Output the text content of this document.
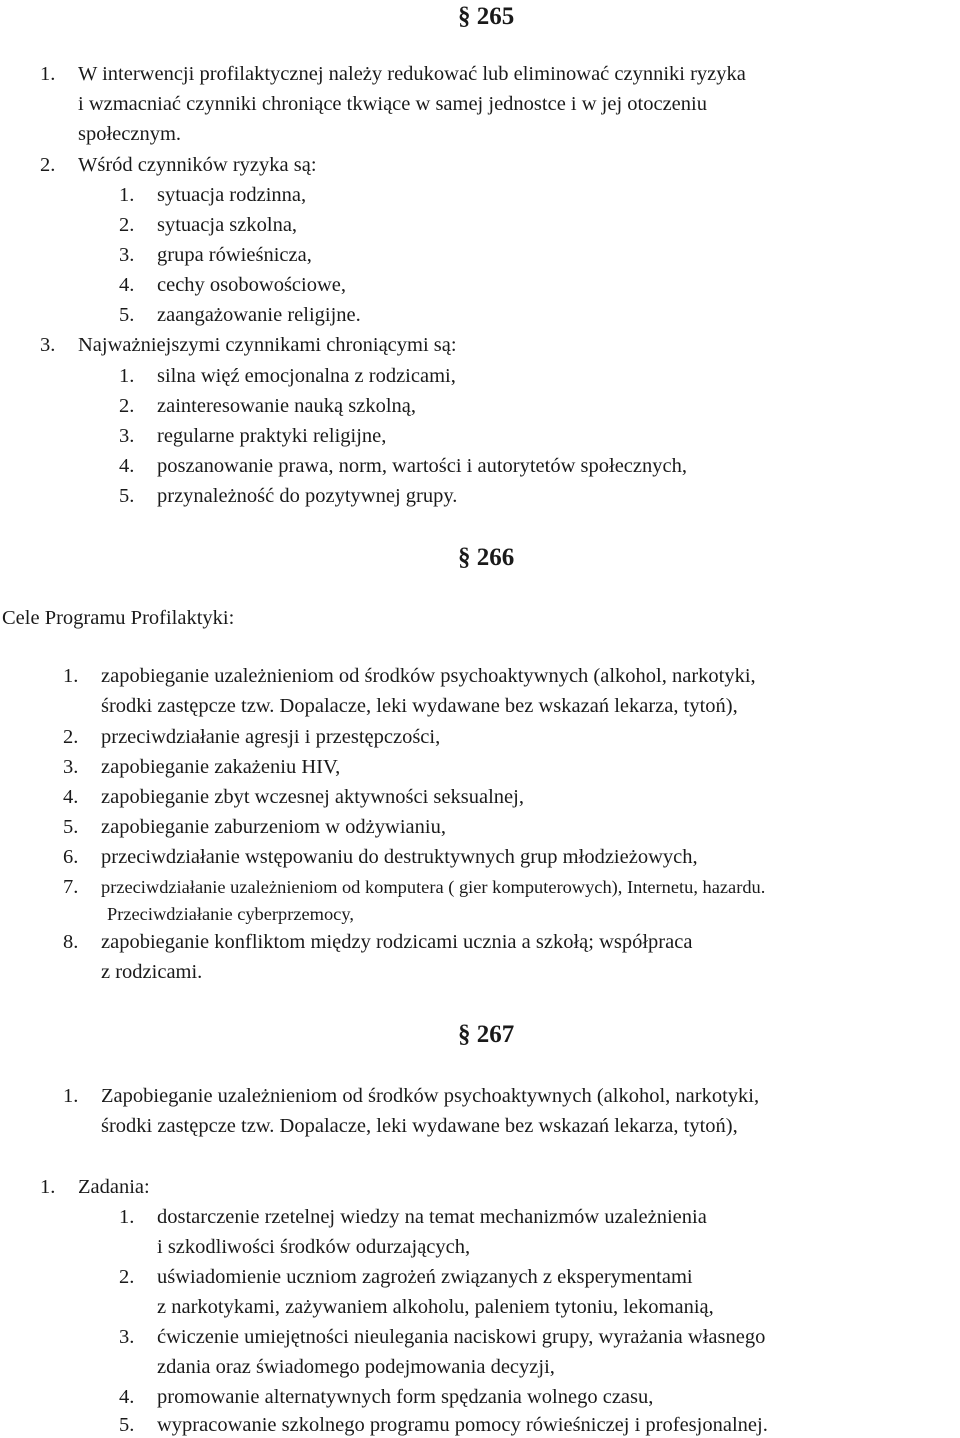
§ 265
1. W interwencji profilaktycznej należy redukować lub eliminować czynniki ryzyka
i wzmacniać czynniki chroniące tkwiące w samej jednostce i w jej otoczeniu
społecznym.
2. Wśród czynników ryzyka są:
1. sytuacja rodzinna,
2. sytuacja szkolna,
3. grupa rówieśnicza,
4. cechy osobowościowe,
5. zaangażowanie religijne.
3. Najważniejszymi czynnikami chroniącymi są:
1. silna więź emocjonalna z rodzicami,
2. zainteresowanie nauką szkolną,
3. regularne praktyki religijne,
4. poszanowanie prawa, norm, wartości i autorytetów społecznych,
5. przynależność do pozytywnej grupy.
§ 266
Cele Programu Profilaktyki:
1. zapobieganie uzależnieniom od środków psychoaktywnych (alkohol, narkotyki,
środki zastępcze tzw. Dopalacze, leki wydawane bez wskazań lekarza, tytoń),
2. przeciwdziałanie agresji i przestępczości,
3. zapobieganie zakażeniu HIV,
4. zapobieganie zbyt wczesnej aktywności seksualnej,
5. zapobieganie zaburzeniom w odżywianiu,
6. przeciwdziałanie wstępowaniu do destruktywnych grup młodzieżowych,
7. przeciwdziałanie uzależnieniom od komputera ( gier komputerowych), Internetu, hazardu.
Przeciwdziałanie cyberprzemocy,
8. zapobieganie konfliktom między rodzicami ucznia a szkołą; współpraca
z rodzicami.
§ 267
1. Zapobieganie uzależnieniom od środków psychoaktywnych (alkohol, narkotyki,
środki zastępcze tzw. Dopalacze, leki wydawane bez wskazań lekarza, tytoń),
1. Zadania:
1. dostarczenie rzetelnej wiedzy na temat mechanizmów uzależnienia
i szkodliwości środków odurzających,
2. uświadomienie uczniom zagrożeń związanych z eksperymentami
z narkotykami, zażywaniem alkoholu, paleniem tytoniu, lekomanią,
3. ćwiczenie umiejętności nieulegania naciskowi grupy, wyrażania własnego
zdania oraz świadomego podejmowania decyzji,
4. promowanie alternatywnych form spędzania wolnego czasu,
5. wypracowanie szkolnego programu pomocy rówieśniczej i profesjonalnej.
